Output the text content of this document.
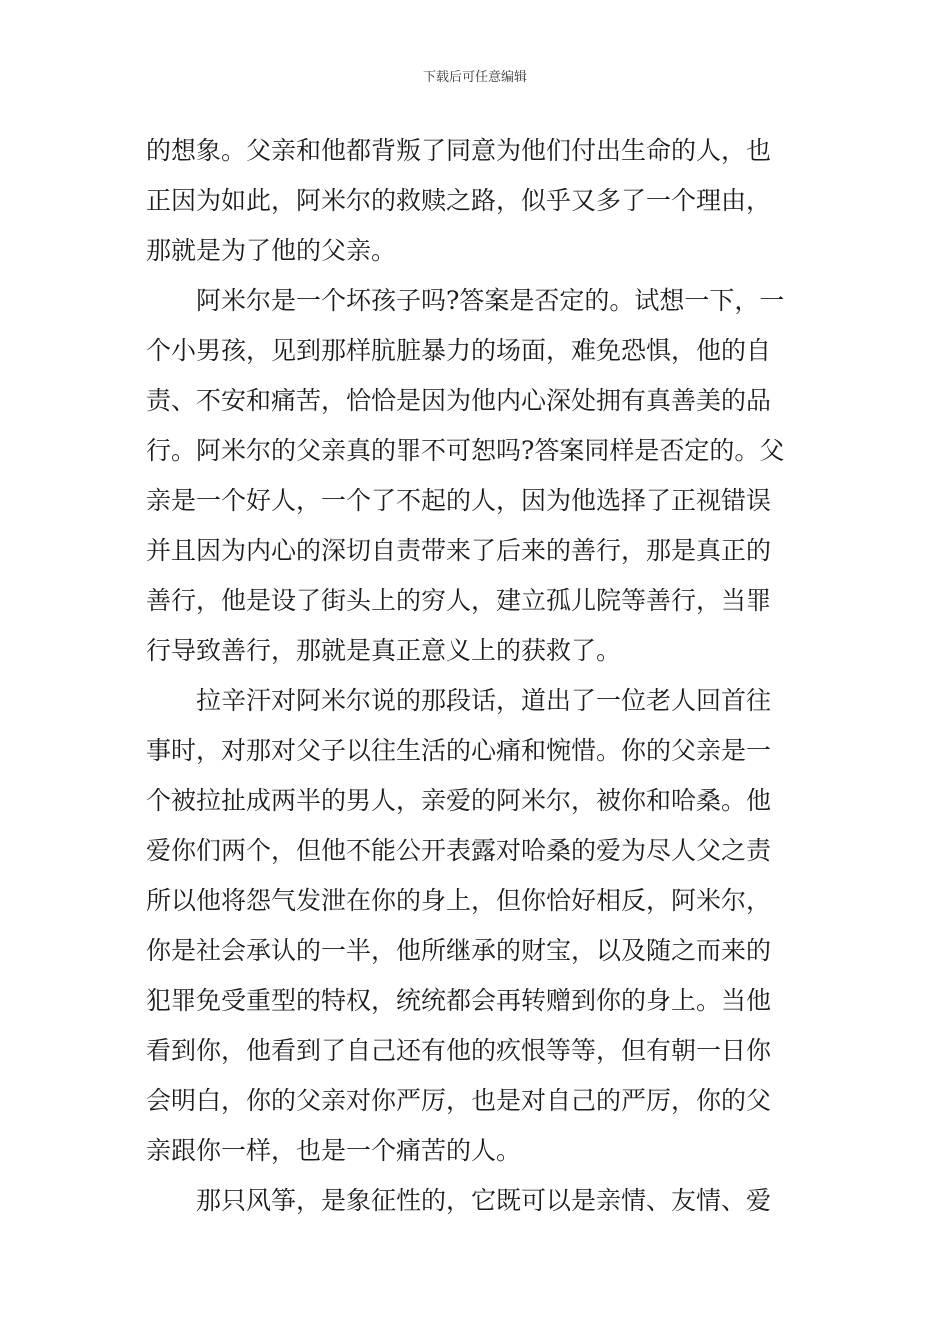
下载后可任意编辑
的想象。父亲和他都背叛了同意为他们付出生命的人，也
正因为如此，阿米尔的救赎之路，似乎又多了一个理由，
那就是为了他的父亲。
　　阿米尔是一个坏孩子吗?答案是否定的。试想一下，一
个小男孩，见到那样肮脏暴力的场面，难免恐惧，他的自
责、不安和痛苦，恰恰是因为他内心深处拥有真善美的品
行。阿米尔的父亲真的罪不可恕吗?答案同样是否定的。父
亲是一个好人，一个了不起的人，因为他选择了正视错误
并且因为内心的深切自责带来了后来的善行，那是真正的
善行，他是设了街头上的穷人，建立孤儿院等善行，当罪
行导致善行，那就是真正意义上的获救了。
　　拉辛汗对阿米尔说的那段话，道出了一位老人回首往
事时，对那对父子以往生活的心痛和惋惜。你的父亲是一
个被拉扯成两半的男人，亲爱的阿米尔，被你和哈桑。他
爱你们两个，但他不能公开表露对哈桑的爱为尽人父之责
所以他将怨气发泄在你的身上，但你恰好相反，阿米尔，
你是社会承认的一半，他所继承的财宝，以及随之而来的
犯罪免受重型的特权，统统都会再转赠到你的身上。当他
看到你，他看到了自己还有他的疚恨等等，但有朝一日你
会明白，你的父亲对你严厉，也是对自己的严厉，你的父
亲跟你一样，也是一个痛苦的人。
　　那只风筝，是象征性的，它既可以是亲情、友情、爱
